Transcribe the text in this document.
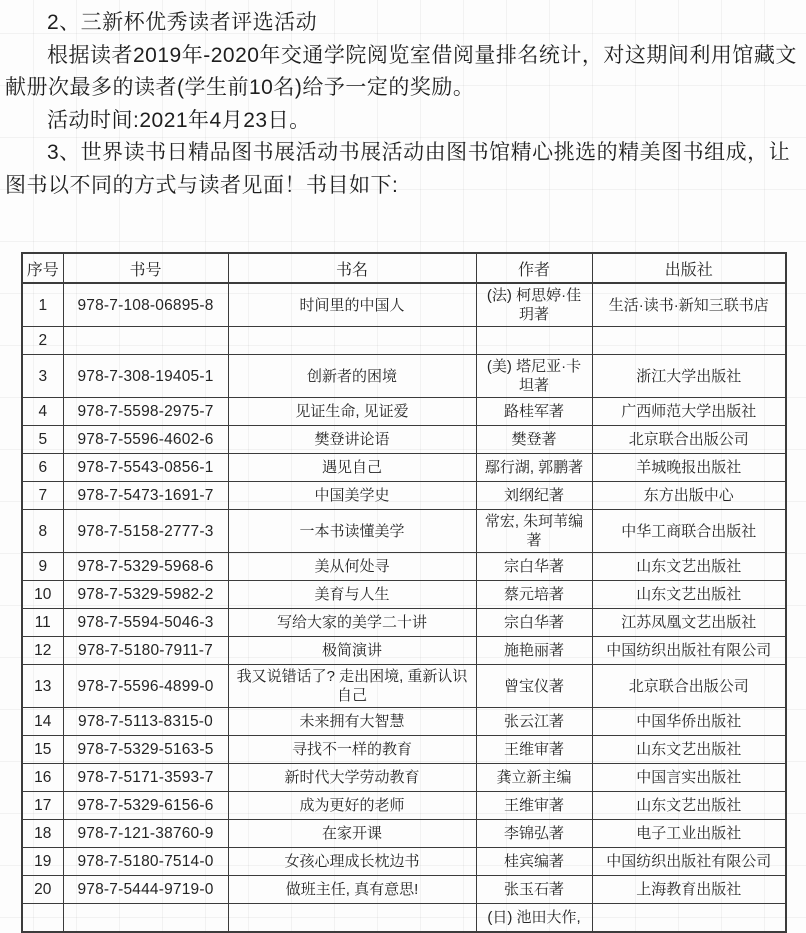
2、三新杯优秀读者评选活动

根据读者2019年-2020年交通学院阅览室借阅量排名统计，对这期间利用馆藏文献册次最多的读者(学生前10名)给予一定的奖励。

活动时间:2021年4月23日。

3、世界读书日精品图书展活动书展活动由图书馆精心挑选的精美图书组成，让图书以不同的方式与读者见面！书目如下:

序号	书号	书名	作者	出版社
1	978-7-108-06895-8	时间里的中国人	(法) 柯思婷·佳玥著	生活·读书·新知三联书店
2				
3	978-7-308-19405-1	创新者的困境	(美) 塔尼亚·卡坦著	浙江大学出版社
4	978-7-5598-2975-7	见证生命, 见证爱	路桂军著	广西师范大学出版社
5	978-7-5596-4602-6	樊登讲论语	樊登著	北京联合出版公司
6	978-7-5543-0856-1	遇见自己	鄢行湖, 郭鹏著	羊城晚报出版社
7	978-7-5473-1691-7	中国美学史	刘纲纪著	东方出版中心
8	978-7-5158-2777-3	一本书读懂美学	常宏, 朱珂苇编著	中华工商联合出版社
9	978-7-5329-5968-6	美从何处寻	宗白华著	山东文艺出版社
10	978-7-5329-5982-2	美育与人生	蔡元培著	山东文艺出版社
11	978-7-5594-5046-3	写给大家的美学二十讲	宗白华著	江苏凤凰文艺出版社
12	978-7-5180-7911-7	极简演讲	施艳丽著	中国纺织出版社有限公司
13	978-7-5596-4899-0	我又说错话了? 走出困境, 重新认识自己	曾宝仪著	北京联合出版公司
14	978-7-5113-8315-0	未来拥有大智慧	张云江著	中国华侨出版社
15	978-7-5329-5163-5	寻找不一样的教育	王维审著	山东文艺出版社
16	978-7-5171-3593-7	新时代大学劳动教育	龚立新主编	中国言实出版社
17	978-7-5329-6156-6	成为更好的老师	王维审著	山东文艺出版社
18	978-7-121-38760-9	在家开课	李锦弘著	电子工业出版社
19	978-7-5180-7514-0	女孩心理成长枕边书	桂宾编著	中国纺织出版社有限公司
20	978-7-5444-9719-0	做班主任, 真有意思!	张玉石著	上海教育出版社
			(日) 池田大作,	
